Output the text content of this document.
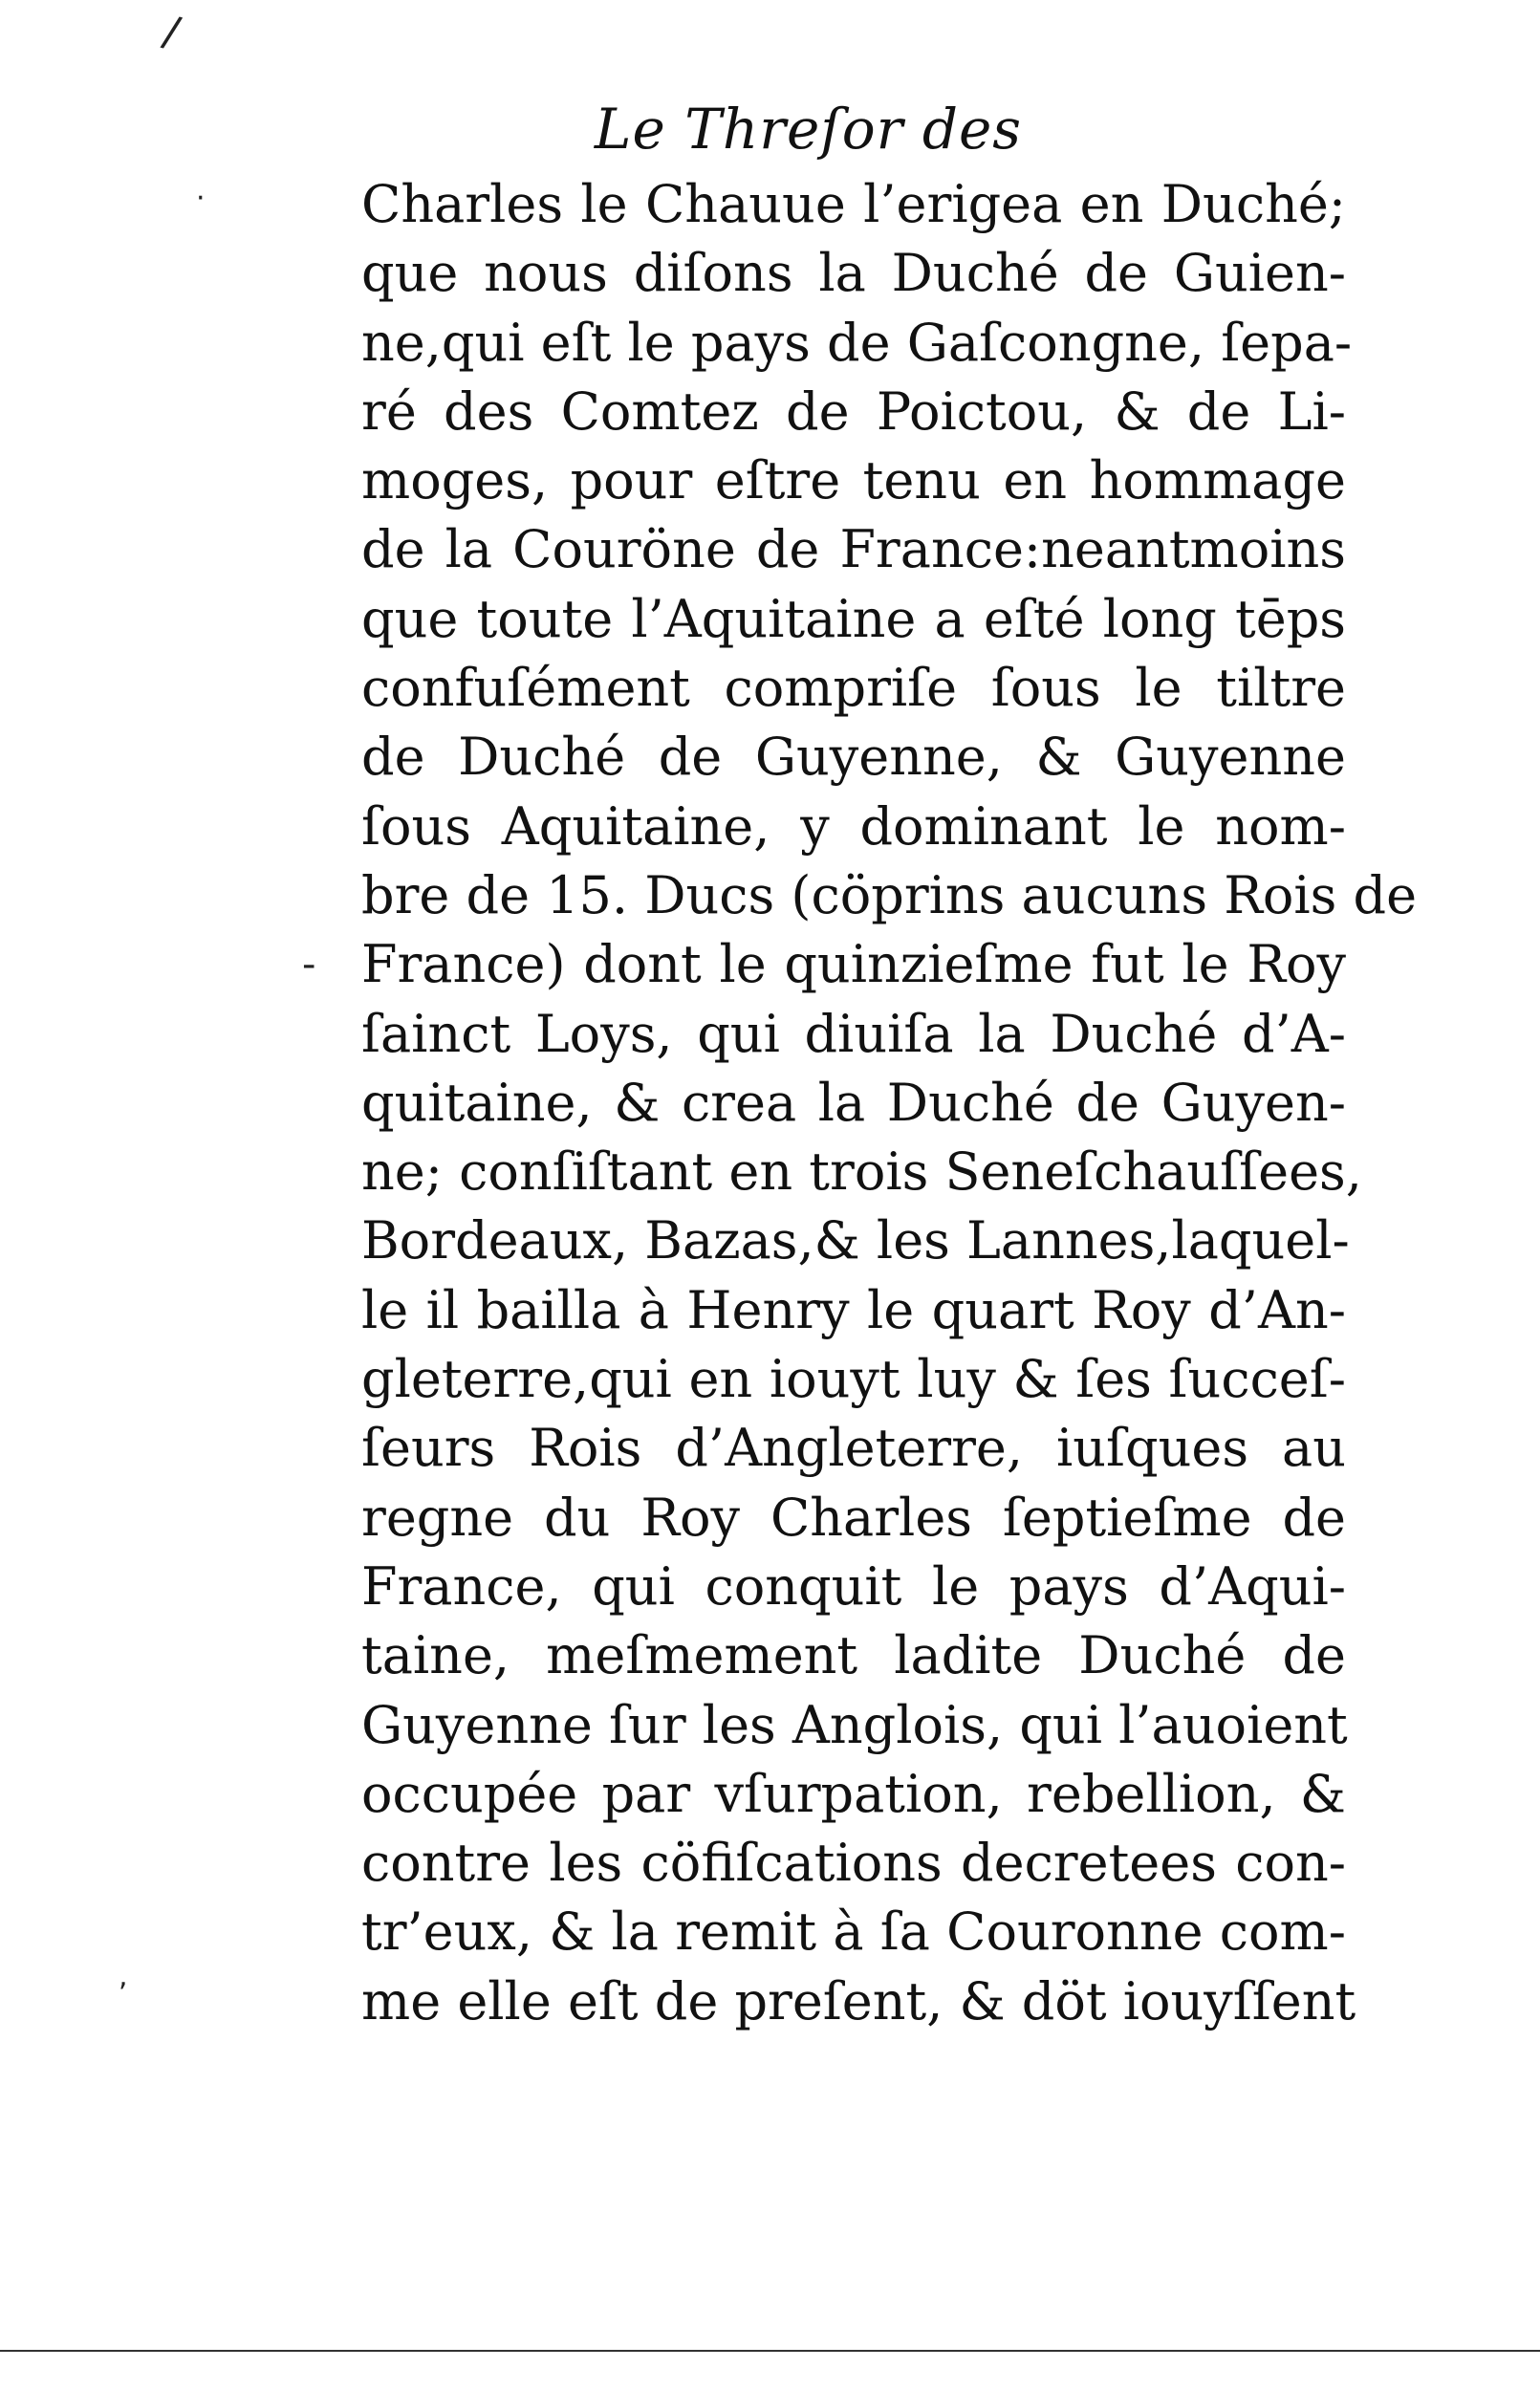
Le Threſor des
Charles le Chauue l’erigea en Duché;
que nous diſons la Duché de Guien-
ne,qui eſt le pays de Gaſcongne, ſepa-
ré des Comtez de Poictou, & de Li-
moges, pour eſtre tenu en hommage
de la Couröne de France:neantmoins
que toute l’Aquitaine a eſté long tēps
confuſément compriſe ſous le tiltre
de Duché de Guyenne, & Guyenne
ſous Aquitaine, y dominant le nom-
bre de 15. Ducs (cöprins aucuns Rois de
France) dont le quinzieſme fut le Roy
ſainct Loys, qui diuiſa la Duché d’A-
quitaine, & crea la Duché de Guyen-
ne; conſiſtant en trois Seneſchauſſees,
Bordeaux, Bazas,& les Lannes,laquel-
le il bailla à Henry le quart Roy d’An-
gleterre,qui en iouyt luy & ſes ſucceſ-
ſeurs Rois d’Angleterre, iuſques au
regne du Roy Charles ſeptieſme de
France, qui conquit le pays d’Aqui-
taine, meſmement ladite Duché de
Guyenne ſur les Anglois, qui l’auoient
occupée par vſurpation, rebellion, &
contre les cöfiſcations decretees con-
tr’eux, & la remit à ſa Couronne com-
me elle eſt de preſent, & döt iouyſſent
/
·
-
,
